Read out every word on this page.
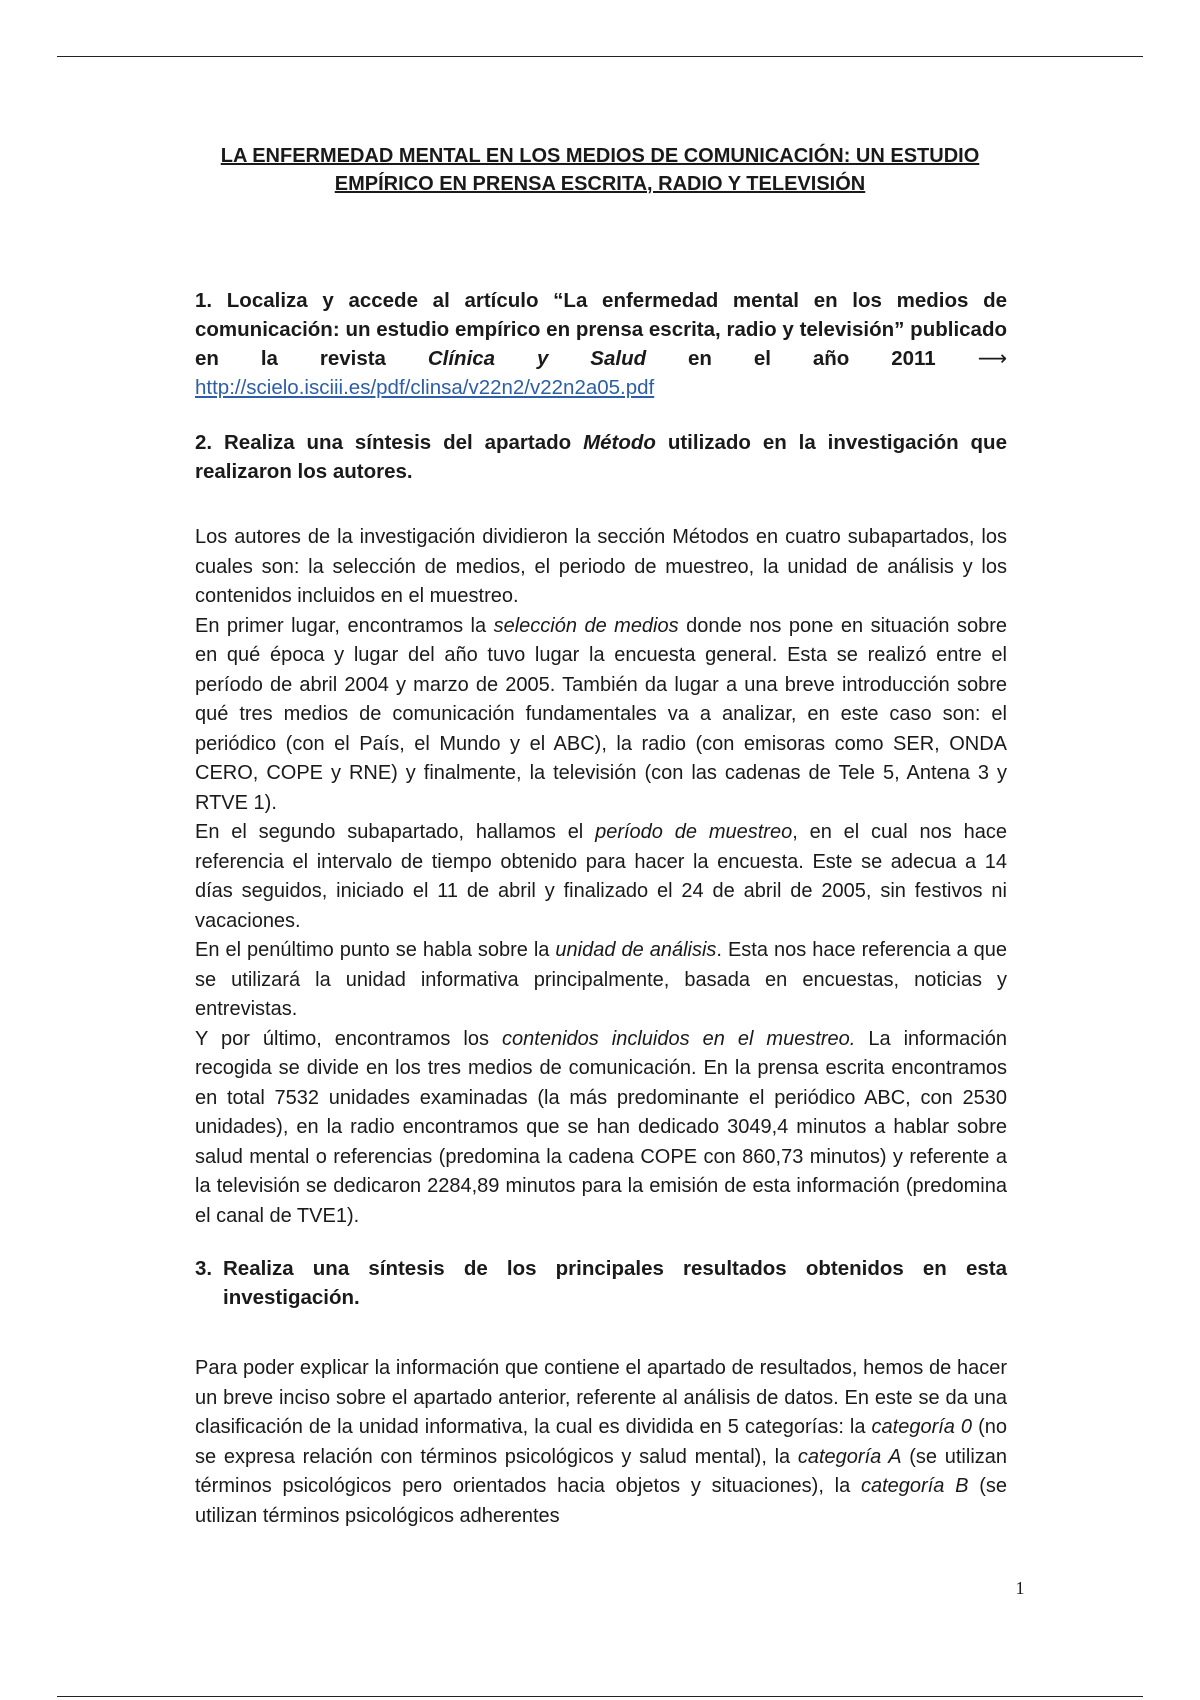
LA ENFERMEDAD MENTAL EN LOS MEDIOS DE COMUNICACIÓN: UN ESTUDIO EMPÍRICO EN PRENSA ESCRITA, RADIO Y TELEVISIÓN

1. Localiza y accede al artículo “La enfermedad mental en los medios de comunicación: un estudio empírico en prensa escrita, radio y televisión” publicado en la revista Clínica y Salud en el año 2011 ⟶ http://scielo.isciii.es/pdf/clinsa/v22n2/v22n2a05.pdf

2. Realiza una síntesis del apartado Método utilizado en la investigación que realizaron los autores.

Los autores de la investigación dividieron la sección Métodos en cuatro subapartados, los cuales son: la selección de medios, el periodo de muestreo, la unidad de análisis y los contenidos incluidos en el muestreo.

En primer lugar, encontramos la selección de medios donde nos pone en situación sobre en qué época y lugar del año tuvo lugar la encuesta general. Esta se realizó entre el período de abril 2004 y marzo de 2005. También da lugar a una breve introducción sobre qué tres medios de comunicación fundamentales va a analizar, en este caso son: el periódico (con el País, el Mundo y el ABC), la radio (con emisoras como SER, ONDA CERO, COPE y RNE) y finalmente, la televisión (con las cadenas de Tele 5, Antena 3 y RTVE 1).

En el segundo subapartado, hallamos el período de muestreo, en el cual nos hace referencia el intervalo de tiempo obtenido para hacer la encuesta. Este se adecua a 14 días seguidos, iniciado el 11 de abril y finalizado el 24 de abril de 2005, sin festivos ni vacaciones.

En el penúltimo punto se habla sobre la unidad de análisis. Esta nos hace referencia a que se utilizará la unidad informativa principalmente, basada en encuestas, noticias y entrevistas.

Y por último, encontramos los contenidos incluidos en el muestreo. La información recogida se divide en los tres medios de comunicación. En la prensa escrita encontramos en total 7532 unidades examinadas (la más predominante el periódico ABC, con 2530 unidades), en la radio encontramos que se han dedicado 3049,4 minutos a hablar sobre salud mental o referencias (predomina la cadena COPE con 860,73 minutos) y referente a la televisión se dedicaron 2284,89 minutos para la emisión de esta información (predomina el canal de TVE1).

3. Realiza una síntesis de los principales resultados obtenidos en esta investigación.

Para poder explicar la información que contiene el apartado de resultados, hemos de hacer un breve inciso sobre el apartado anterior, referente al análisis de datos. En este se da una clasificación de la unidad informativa, la cual es dividida en 5 categorías: la categoría 0 (no se expresa relación con términos psicológicos y salud mental), la categoría A (se utilizan términos psicológicos pero orientados hacia objetos y situaciones), la categoría B (se utilizan términos psicológicos adherentes

1
